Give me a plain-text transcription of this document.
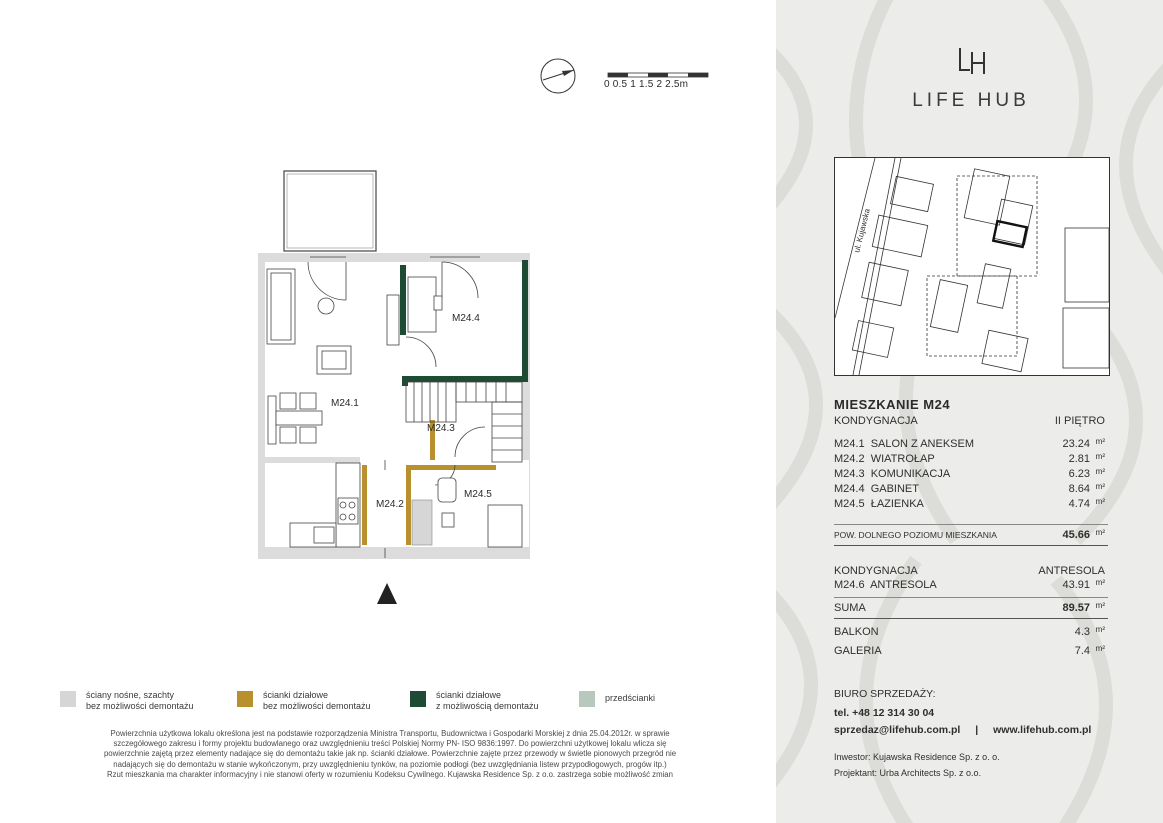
0 0.5 1 1.5 2 2.5m
M24.4
M24.1
M24.3
M24.5
M24.2
ściany nośne, szachty
bez możliwości demontażu
ścianki działowe
bez możliwości demontażu
ścianki działowe
z możliwością demontażu
przedścianki
Powierzchnia użytkowa lokalu określona jest na podstawie rozporządzenia Ministra Transportu, Budownictwa i Gospodarki Morskiej z dnia 25.04.2012r. w sprawie
szczegółowego zakresu i formy projektu budowlanego oraz uwzględnieniu treści Polskiej Normy PN- ISO 9836:1997. Do powierzchni użytkowej lokalu wlicza się
powierzchnie zajętą przez elementy nadające się do demontażu takie jak np. ścianki działowe. Powierzchnie zajęte przez przewody w świetle pionowych przegród nie
nadających się do demontażu w stanie wykończonym, przy uwzględnieniu tynków, na poziomie podłogi (bez uwzględniania listew przypodłogowych, progów itp.)
Rzut mieszkania ma charakter informacyjny i nie stanowi oferty w rozumieniu Kodeksu Cywilnego. Kujawska Residence Sp. z o.o. zastrzega sobie możliwość zmian
LIFE HUB
ul. Kujawska
MIESZKANIE M24
KONDYGNACJA	II PIĘTRO
M24.1 SALON Z ANEKSEM	23.24 m²
M24.2 WIATROŁAP	2.81 m²
M24.3 KOMUNIKACJA	6.23 m²
M24.4 GABINET	8.64 m²
M24.5 ŁAZIENKA	4.74 m²
POW. DOLNEGO POZIOMU MIESZKANIA	45.66 m²
KONDYGNACJA	ANTRESOLA
M24.6 ANTRESOLA	43.91 m²
SUMA	89.57 m²
BALKON	4.3 m²
GALERIA	7.4 m²
BIURO SPRZEDAŻY:
tel. +48 12 314 30 04
sprzedaz@lifehub.com.pl | www.lifehub.com.pl
Inwestor: Kujawska Residence Sp. z o. o.
Projektant: Urba Architects Sp. z o.o.
